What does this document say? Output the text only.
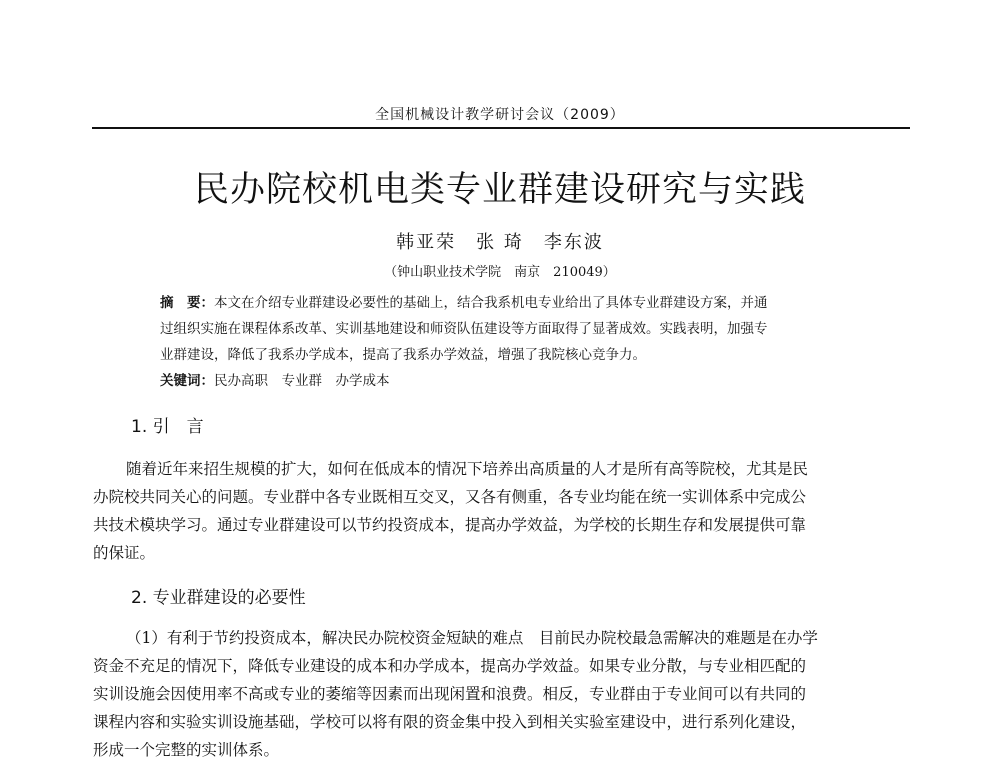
全国机械设计教学研讨会议（2009）
民办院校机电类专业群建设研究与实践
韩亚荣　张 琦　李东波
（钟山职业技术学院　南京　210049）
摘　要：本文在介绍专业群建设必要性的基础上，结合我系机电专业给出了具体专业群建设方案，并通
过组织实施在课程体系改革、实训基地建设和师资队伍建设等方面取得了显著成效。实践表明，加强专
业群建设，降低了我系办学成本，提高了我系办学效益，增强了我院核心竞争力。
关键词：民办高职　专业群　办学成本
1. 引　言
随着近年来招生规模的扩大，如何在低成本的情况下培养出高质量的人才是所有高等院校，尤其是民
办院校共同关心的问题。专业群中各专业既相互交叉，又各有侧重，各专业均能在统一实训体系中完成公
共技术模块学习。通过专业群建设可以节约投资成本，提高办学效益，为学校的长期生存和发展提供可靠
的保证。
2. 专业群建设的必要性
（1）有利于节约投资成本，解决民办院校资金短缺的难点　目前民办院校最急需解决的难题是在办学
资金不充足的情况下，降低专业建设的成本和办学成本，提高办学效益。如果专业分散，与专业相匹配的
实训设施会因使用率不高或专业的萎缩等因素而出现闲置和浪费。相反，专业群由于专业间可以有共同的
课程内容和实验实训设施基础，学校可以将有限的资金集中投入到相关实验室建设中，进行系列化建设，
形成一个完整的实训体系。
